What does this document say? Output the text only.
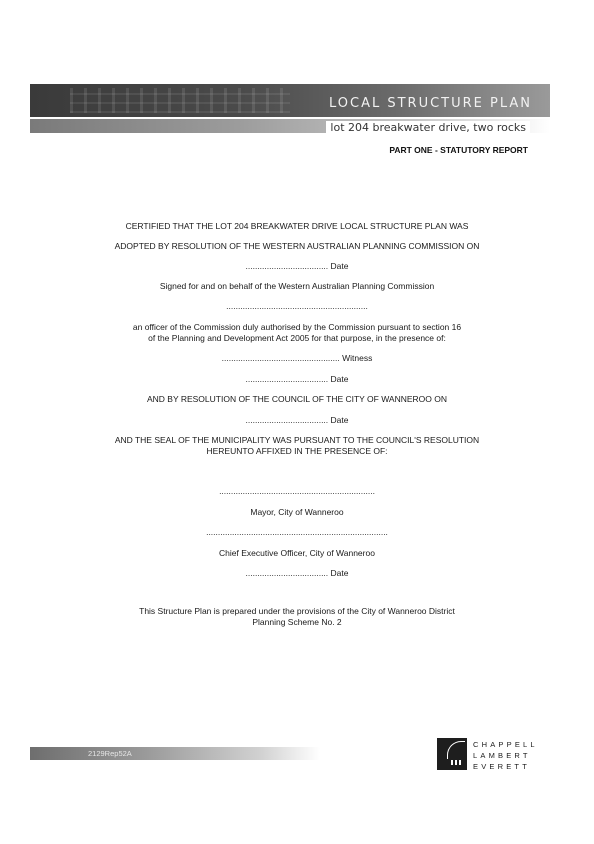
LOCAL STRUCTURE PLAN
lot 204 breakwater drive, two rocks
PART ONE - STATUTORY REPORT
CERTIFIED THAT THE LOT 204 BREAKWATER DRIVE LOCAL STRUCTURE PLAN WAS
ADOPTED BY RESOLUTION OF THE WESTERN AUSTRALIAN PLANNING COMMISSION ON
................................... Date
Signed for and on behalf of the Western Australian Planning Commission
............................................................
an officer of the Commission duly authorised by the Commission pursuant to section 16
of the Planning and Development Act 2005 for that purpose, in the presence of:
.................................................. Witness
................................... Date
AND BY RESOLUTION OF THE COUNCIL OF THE CITY OF WANNEROO ON
................................... Date
AND THE SEAL OF THE MUNICIPALITY WAS PURSUANT TO THE COUNCIL'S RESOLUTION
HEREUNTO AFFIXED IN THE PRESENCE OF:
..................................................................
Mayor, City of Wanneroo
.............................................................................
Chief Executive Officer, City of Wanneroo
................................... Date
This Structure Plan is prepared under the provisions of the City of Wanneroo District
Planning Scheme No. 2
2129Rep52A
CHAPPELL
LAMBERT
EVERETT
